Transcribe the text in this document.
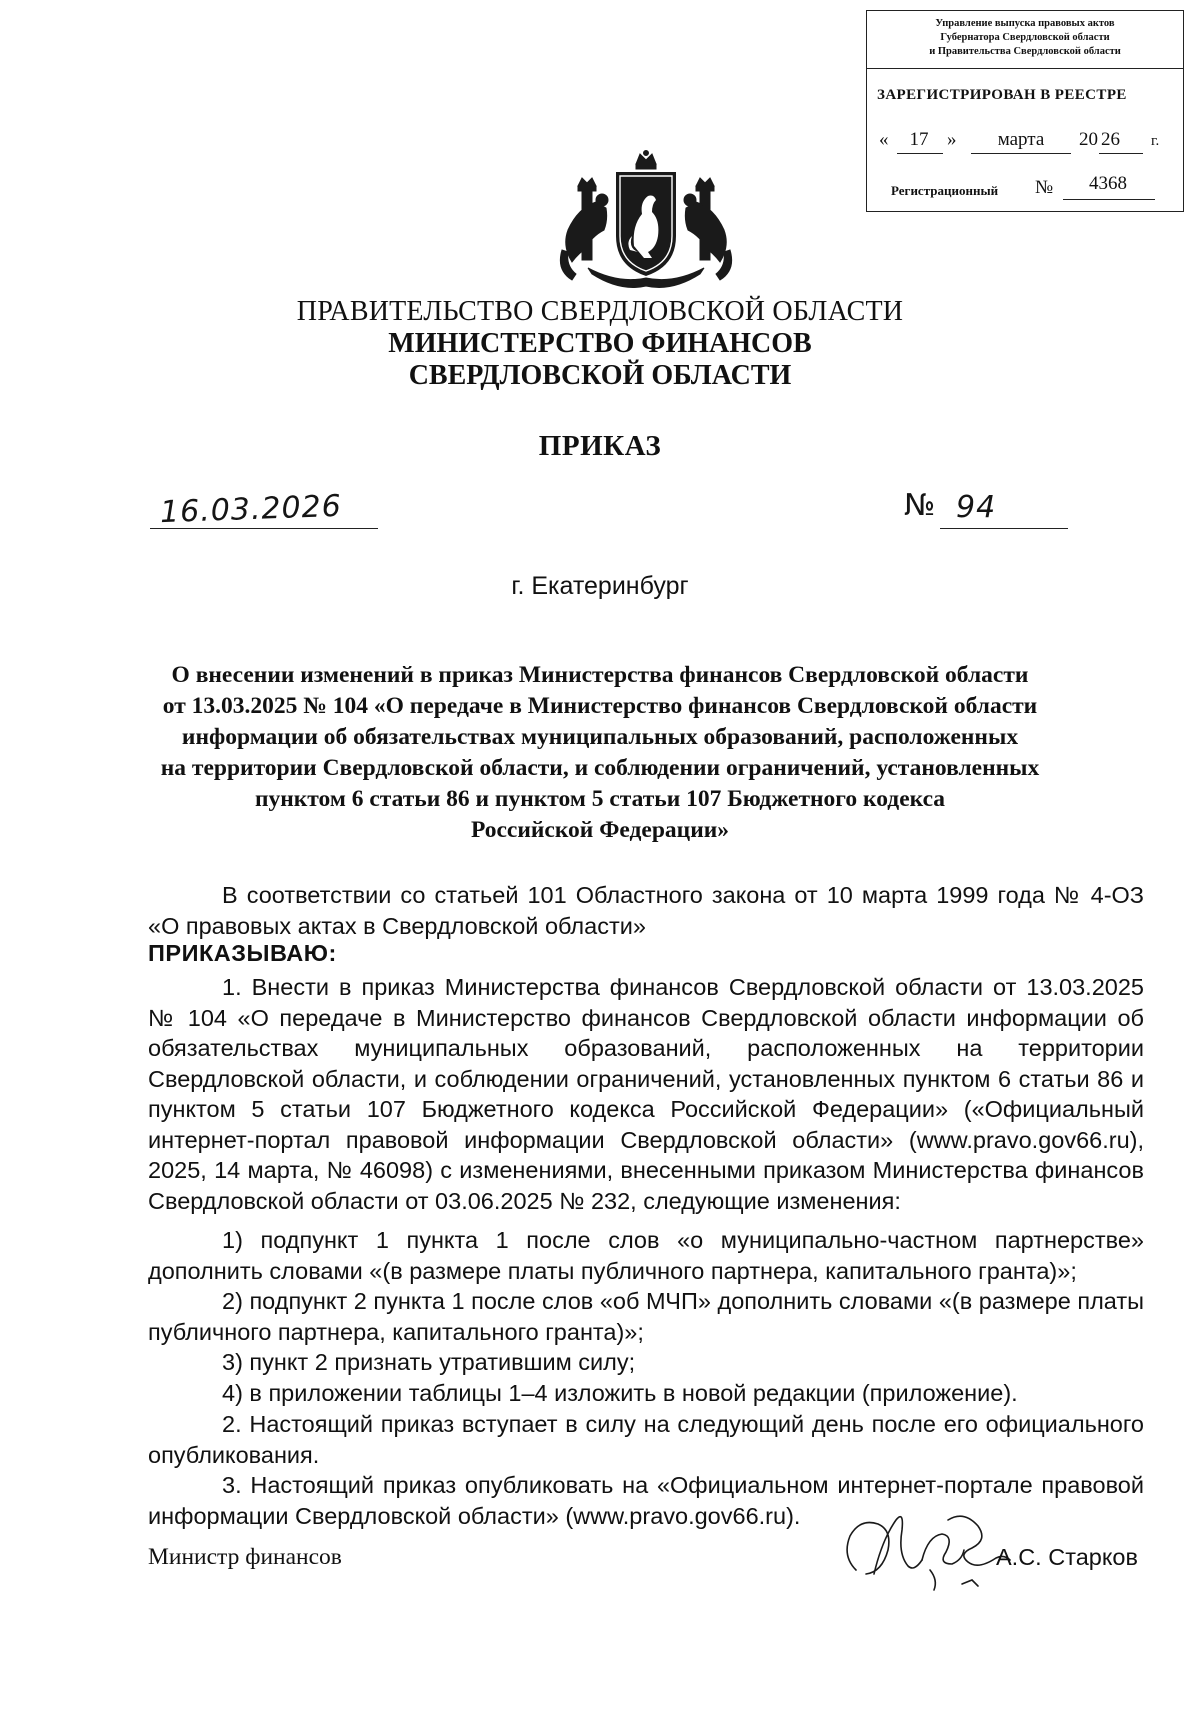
Управление выпуска правовых актов
Губернатора Свердловской области
и Правительства Свердловской области
ЗАРЕГИСТРИРОВАН В РЕЕСТРЕ
«	17 »	марта	20 26 г.
Регистрационный №	4368
ПРАВИТЕЛЬСТВО СВЕРДЛОВСКОЙ ОБЛАСТИ
МИНИСТЕРСТВО ФИНАНСОВ
СВЕРДЛОВСКОЙ ОБЛАСТИ
ПРИКАЗ
16.03.2026	№ 94
г. Екатеринбург
О внесении изменений в приказ Министерства финансов Свердловской области
от 13.03.2025 № 104 «О передаче в Министерство финансов Свердловской области
информации об обязательствах муниципальных образований, расположенных
на территории Свердловской области, и соблюдении ограничений, установленных
пунктом 6 статьи 86 и пунктом 5 статьи 107 Бюджетного кодекса
Российской Федерации»
В соответствии со статьей 101 Областного закона от 10 марта 1999 года № 4-ОЗ «О правовых актах в Свердловской области»
ПРИКАЗЫВАЮ:
1. Внести в приказ Министерства финансов Свердловской области от 13.03.2025 № 104 «О передаче в Министерство финансов Свердловской области информации об обязательствах муниципальных образований, расположенных на территории Свердловской области, и соблюдении ограничений, установленных пунктом 6 статьи 86 и пунктом 5 статьи 107 Бюджетного кодекса Российской Федерации» («Официальный интернет-портал правовой информации Свердловской области» (www.pravo.gov66.ru), 2025, 14 марта, № 46098) с изменениями, внесенными приказом Министерства финансов Свердловской области от 03.06.2025 № 232, следующие изменения:
1) подпункт 1 пункта 1 после слов «о муниципально-частном партнерстве» дополнить словами «(в размере платы публичного партнера, капитального гранта)»;
2) подпункт 2 пункта 1 после слов «об МЧП» дополнить словами «(в размере платы публичного партнера, капитального гранта)»;
3) пункт 2 признать утратившим силу;
4) в приложении таблицы 1–4 изложить в новой редакции (приложение).
2. Настоящий приказ вступает в силу на следующий день после его официального опубликования.
3. Настоящий приказ опубликовать на «Официальном интернет-портале правовой информации Свердловской области» (www.pravo.gov66.ru).
Министр финансов	А.С. Старков
